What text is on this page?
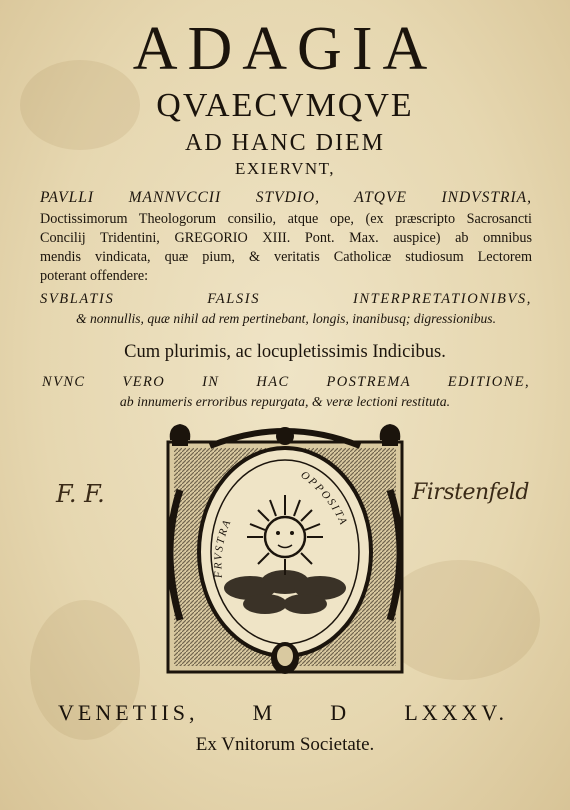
ADAGIA
QVAECVMQVE
AD HANC DIEM
EXIERVNT,
PAVLLI MANNVCCII STVDIO, ATQVE INDVSTRIA,
Doctissimorum Theologorum consilio, atque ope, (ex præscripto Sacrosancti
Concilij Tridentini, GREGORIO XIII. Pont. Max. auspice) ab omnibus
mendis vindicata, quæ pium, & veritatis Catholicæ studiosum Lectorem
poterant offendere:
SVBLATIS FALSIS INTERPRETATIONIBVS,
& nonnullis, quæ nihil ad rem pertinebant, longis, inanibusq; digressionibus.
Cum plurimis, ac locupletissimis Indicibus.
NVNC VERO IN HAC POSTREMA EDITIONE,
ab innumeris erroribus repurgata, & veræ lectioni restituta.
FRVSTRA
OPPOSITA
F. F.	Firstenfeld
VENETIIS, M D LXXXV.
Ex Vnitorum Societate.
